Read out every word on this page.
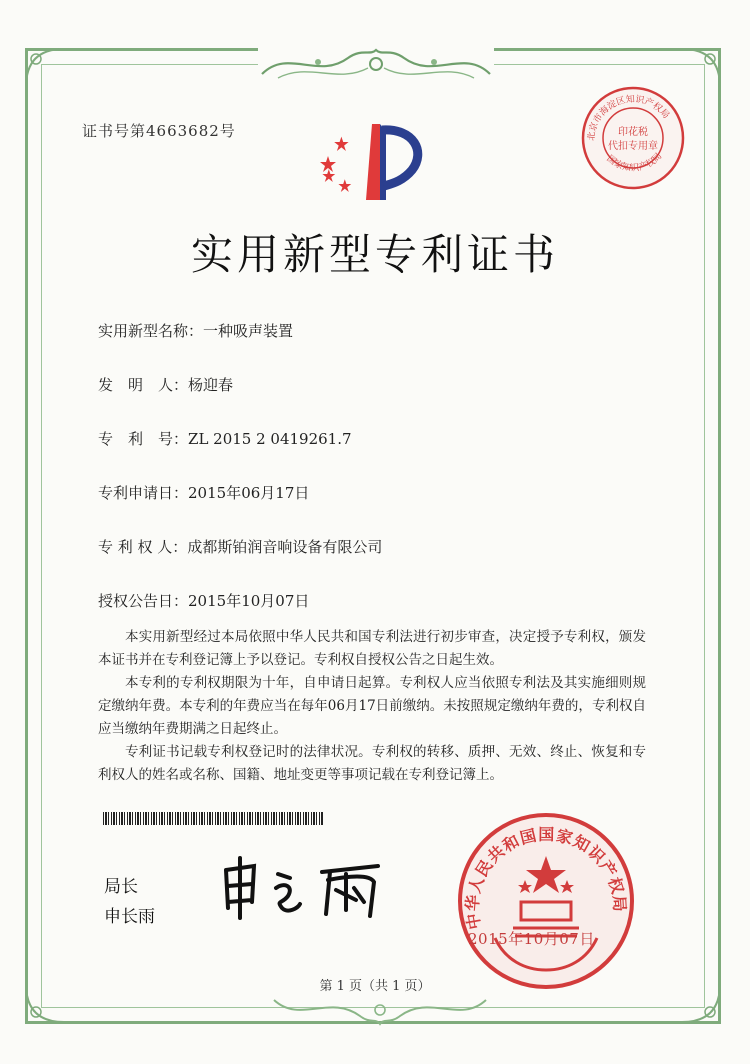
证书号第4663682号
实用新型专利证书
实用新型名称：一种吸声装置
发　明　人：杨迎春
专　利　号：ZL 2015 2 0419261.7
专利申请日：2015年06月17日
专 利 权 人：成都斯铂润音响设备有限公司
授权公告日：2015年10月07日

本实用新型经过本局依照中华人民共和国专利法进行初步审查，决定授予专利权，颁发本证书并在专利登记簿上予以登记。专利权自授权公告之日起生效。

本专利的专利权期限为十年，自申请日起算。专利权人应当依照专利法及其实施细则规定缴纳年费。本专利的年费应当在每年06月17日前缴纳。未按照规定缴纳年费的，专利权自应当缴纳年费期满之日起终止。

专利证书记载专利权登记时的法律状况。专利权的转移、质押、无效、终止、恢复和专利权人的姓名或名称、国籍、地址变更等事项记载在专利登记簿上。

局长
申长雨	中华人民共和国国家知识产权局
2015年10月07日
北京市海淀区知识产权局
国家知识产权局
印花税
代扣专用章
第 1 页（共 1 页）
